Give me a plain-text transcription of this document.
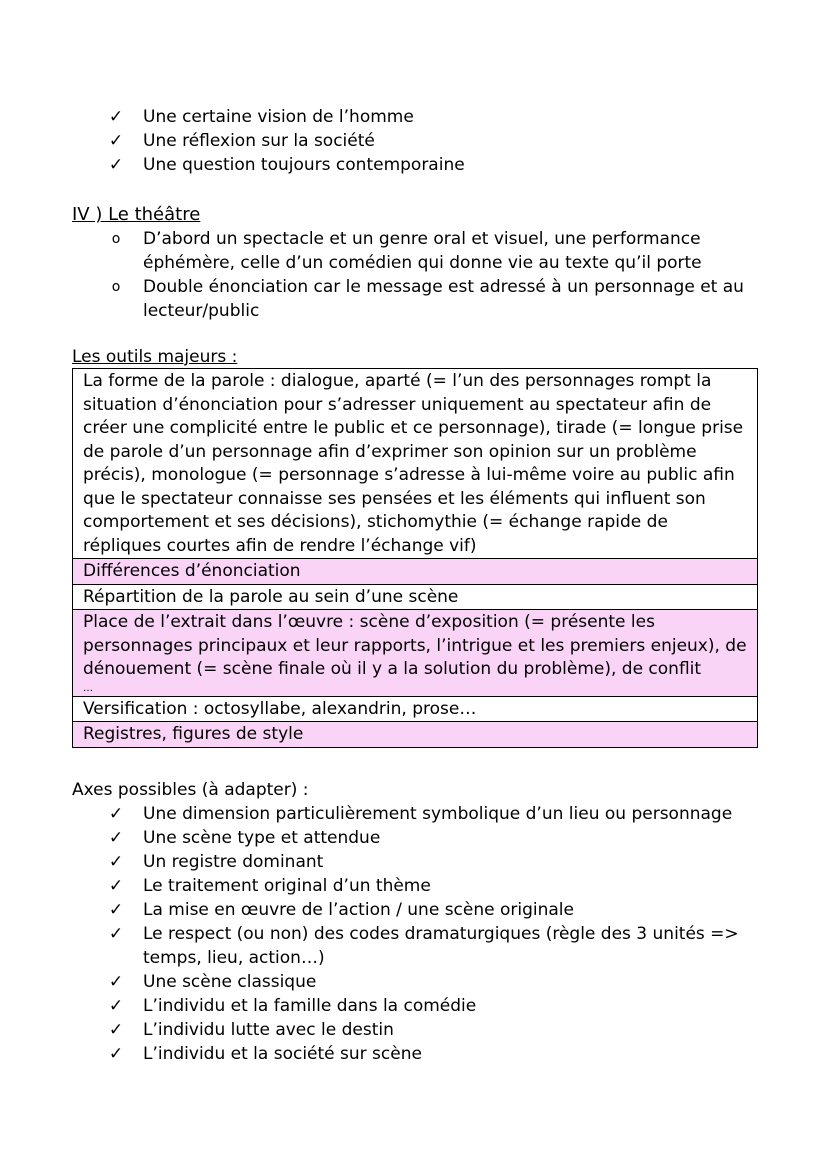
✓ Une certaine vision de l’homme
✓ Une réflexion sur la société
✓ Une question toujours contemporaine
IV ) Le théâtre
o	D’abord un spectacle et un genre oral et visuel, une performance éphémère, celle d’un comédien qui donne vie au texte qu’il porte
o	Double énonciation car le message est adressé à un personnage et au lecteur/public
Les outils majeurs :
La forme de la parole : dialogue, aparté (= l’un des personnages rompt la situation d’énonciation pour s’adresser uniquement au spectateur afin de créer une complicité entre le public et ce personnage), tirade (= longue prise de parole d’un personnage afin d’exprimer son opinion sur un problème précis), monologue (= personnage s’adresse à lui-même voire au public afin que le spectateur connaisse ses pensées et les éléments qui influent son comportement et ses décisions), stichomythie (= échange rapide de répliques courtes afin de rendre l’échange vif)
Différences d’énonciation
Répartition de la parole au sein d’une scène
Place de l’extrait dans l’œuvre : scène d’exposition (= présente les personnages principaux et leur rapports, l’intrigue et les premiers enjeux), de dénouement (= scène finale où il y a la solution du problème), de conflit
…
Versification : octosyllabe, alexandrin, prose…
Registres, figures de style
Axes possibles (à adapter) :
✓ Une dimension particulièrement symbolique d’un lieu ou personnage
✓ Une scène type et attendue
✓ Un registre dominant
✓ Le traitement original d’un thème
✓ La mise en œuvre de l’action / une scène originale
✓ Le respect (ou non) des codes dramaturgiques (règle des 3 unités => temps, lieu, action…)
✓ Une scène classique
✓ L’individu et la famille dans la comédie
✓ L’individu lutte avec le destin
✓ L’individu et la société sur scène
